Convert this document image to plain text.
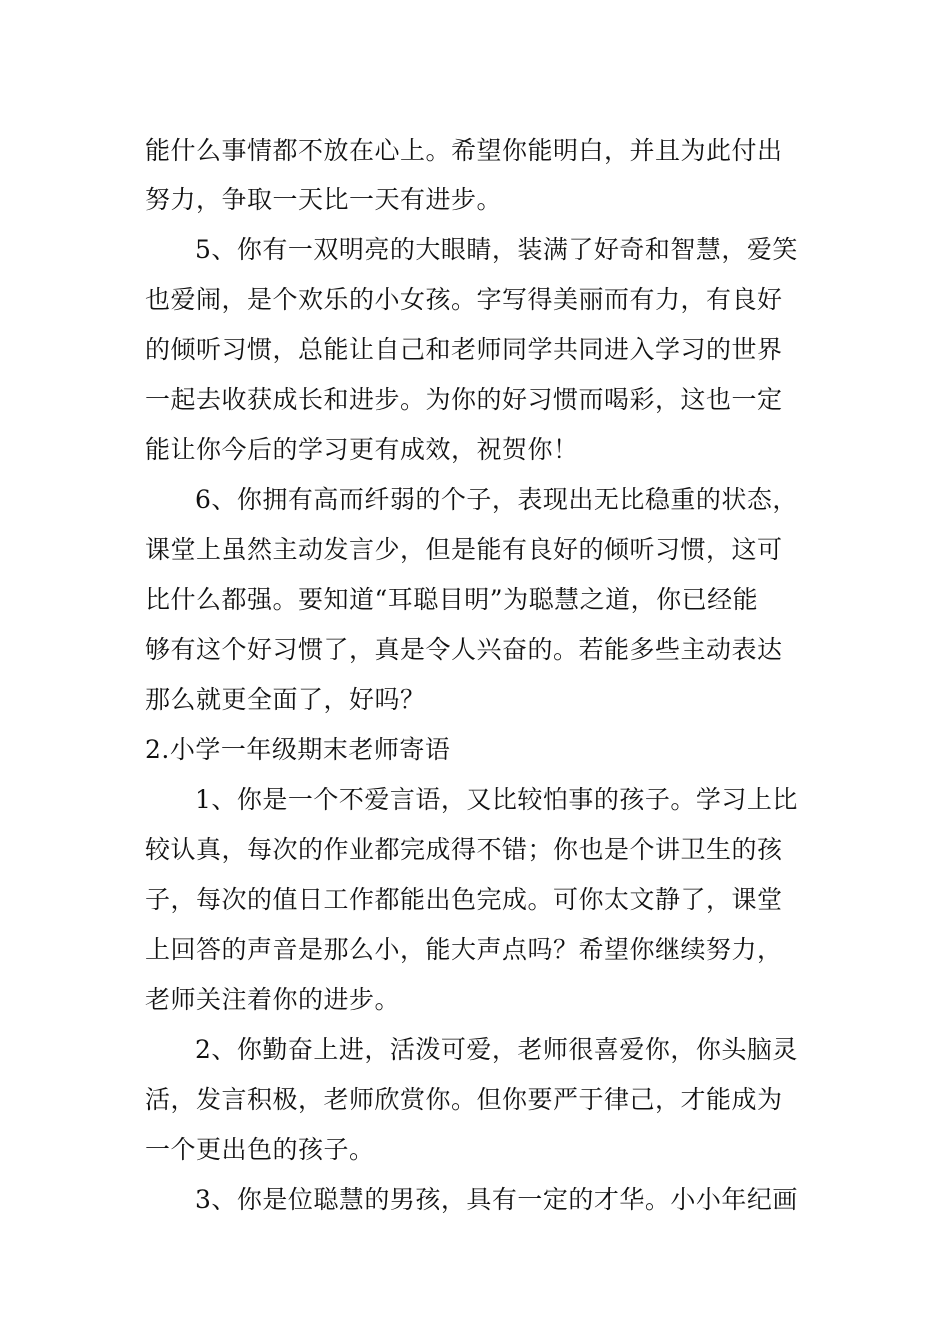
能什么事情都不放在心上。希望你能明白，并且为此付出
努力，争取一天比一天有进步。
5、你有一双明亮的大眼睛，装满了好奇和智慧，爱笑
也爱闹，是个欢乐的小女孩。字写得美丽而有力，有良好
的倾听习惯，总能让自己和老师同学共同进入学习的世界
一起去收获成长和进步。为你的好习惯而喝彩，这也一定
能让你今后的学习更有成效，祝贺你！
6、你拥有高而纤弱的个子，表现出无比稳重的状态，
课堂上虽然主动发言少，但是能有良好的倾听习惯，这可
比什么都强。要知道“耳聪目明”为聪慧之道，你已经能
够有这个好习惯了，真是令人兴奋的。若能多些主动表达
那么就更全面了，好吗？
2.小学一年级期末老师寄语
1、你是一个不爱言语，又比较怕事的孩子。学习上比
较认真，每次的作业都完成得不错；你也是个讲卫生的孩
子，每次的值日工作都能出色完成。可你太文静了，课堂
上回答的声音是那么小，能大声点吗？希望你继续努力，
老师关注着你的进步。
2、你勤奋上进，活泼可爱，老师很喜爱你，你头脑灵
活，发言积极，老师欣赏你。但你要严于律己，才能成为
一个更出色的孩子。
3、你是位聪慧的男孩，具有一定的才华。小小年纪画
